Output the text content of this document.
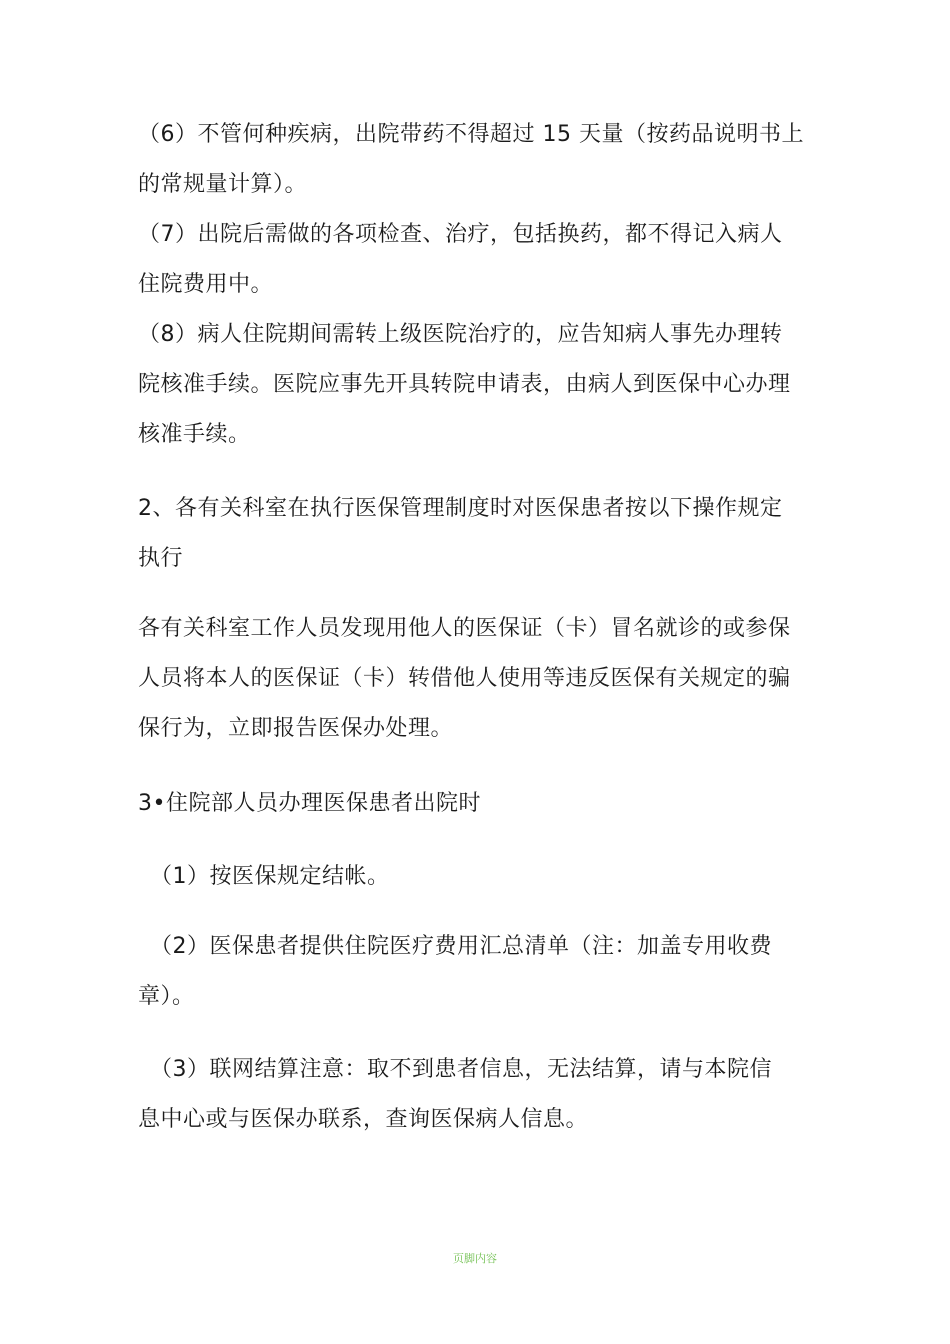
（6）不管何种疾病，出院带药不得超过 15 天量（按药品说明书上
的常规量计算）。

（7）出院后需做的各项检查、治疗，包括换药，都不得记入病人
住院费用中。

（8）病人住院期间需转上级医院治疗的，应告知病人事先办理转
院核准手续。医院应事先开具转院申请表，由病人到医保中心办理
核准手续。

2、各有关科室在执行医保管理制度时对医保患者按以下操作规定
执行

各有关科室工作人员发现用他人的医保证（卡）冒名就诊的或参保
人员将本人的医保证（卡）转借他人使用等违反医保有关规定的骗
保行为，立即报告医保办处理。

3•住院部人员办理医保患者出院时

（1）按医保规定结帐。

（2）医保患者提供住院医疗费用汇总清单（注：加盖专用收费
章）。

（3）联网结算注意：取不到患者信息，无法结算，请与本院信
息中心或与医保办联系，查询医保病人信息。

页脚内容
